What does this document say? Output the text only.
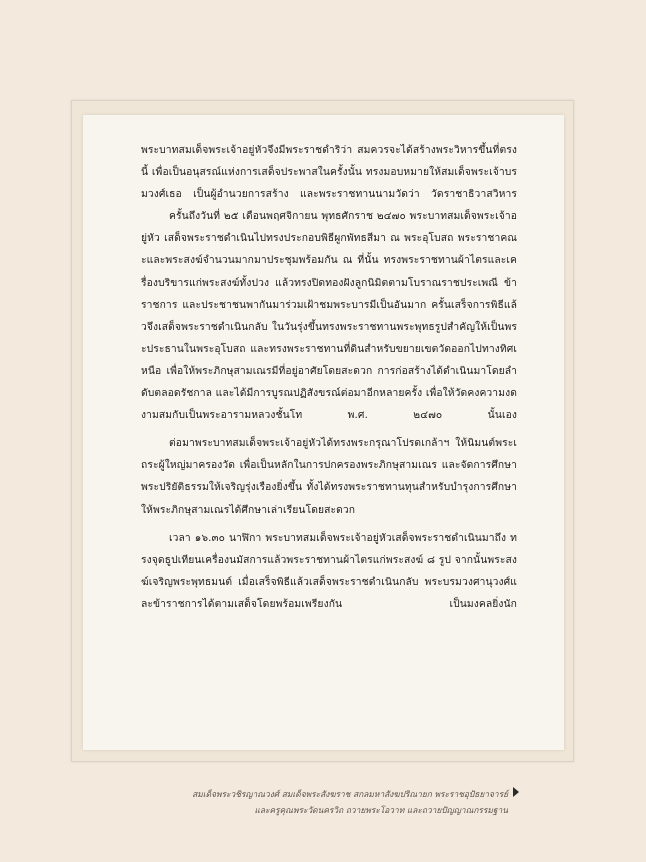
พระบาทสมเด็จพระเจ้าอยู่หัวจึงมีพระราชดำริว่า สมควรจะได้สร้างพระวิหารขึ้นที่ตรงนี้ เพื่อเป็นอนุสรณ์แห่งการเสด็จประพาสในครั้งนั้น ทรงมอบหมายให้สมเด็จพระเจ้าบรมวงศ์เธอ เป็นผู้อำนวยการสร้าง และพระราชทานนามวัดว่า วัดราชาธิวาสวิหาร

ครั้นถึงวันที่ ๒๕ เดือนพฤศจิกายน พุทธศักราช ๒๔๗๐ พระบาทสมเด็จพระเจ้าอยู่หัว เสด็จพระราชดำเนินไปทรงประกอบพิธีผูกพัทธสีมา ณ พระอุโบสถ พระราชาคณะและพระสงฆ์จำนวนมากมาประชุมพร้อมกัน ณ ที่นั้น ทรงพระราชทานผ้าไตรและเครื่องบริขารแก่พระสงฆ์ทั้งปวง แล้วทรงปิดทองฝังลูกนิมิตตามโบราณราชประเพณี ข้าราชการ และประชาชนพากันมาร่วมเฝ้าชมพระบารมีเป็นอันมาก ครั้นเสร็จการพิธีแล้วจึงเสด็จพระราชดำเนินกลับ ในวันรุ่งขึ้นทรงพระราชทานพระพุทธรูปสำคัญให้เป็นพระประธานในพระอุโบสถ และทรงพระราชทานที่ดินสำหรับขยายเขตวัดออกไปทางทิศเหนือ เพื่อให้พระภิกษุสามเณรมีที่อยู่อาศัยโดยสะดวก การก่อสร้างได้ดำเนินมาโดยลำดับตลอดรัชกาล และได้มีการบูรณปฏิสังขรณ์ต่อมาอีกหลายครั้ง เพื่อให้วัดคงความงดงามสมกับเป็นพระอารามหลวงชั้นโท พ.ศ. ๒๔๗๐ นั้นเอง

ต่อมาพระบาทสมเด็จพระเจ้าอยู่หัวได้ทรงพระกรุณาโปรดเกล้าฯ ให้นิมนต์พระเถระผู้ใหญ่มาครองวัด เพื่อเป็นหลักในการปกครองพระภิกษุสามเณร และจัดการศึกษาพระปริยัติธรรมให้เจริญรุ่งเรืองยิ่งขึ้น ทั้งได้ทรงพระราชทานทุนสำหรับบำรุงการศึกษา ให้พระภิกษุสามเณรได้ศึกษาเล่าเรียนโดยสะดวก

เวลา ๑๖.๓๐ นาฬิกา พระบาทสมเด็จพระเจ้าอยู่หัวเสด็จพระราชดำเนินมาถึง ทรงจุดธูปเทียนเครื่องนมัสการแล้วพระราชทานผ้าไตรแก่พระสงฆ์ ๘ รูป จากนั้นพระสงฆ์เจริญพระพุทธมนต์ เมื่อเสร็จพิธีแล้วเสด็จพระราชดำเนินกลับ พระบรมวงศานุวงศ์และข้าราชการได้ตามเสด็จโดยพร้อมเพรียงกัน เป็นมงคลยิ่งนัก

สมเด็จพระวชิรญาณวงศ์ สมเด็จพระสังฆราช สกลมหาสังฆปริณายก พระราชอุปัธยาจารย์
และครูคุณพระวัดนครวิถ ถวายพระโอวาท และถวายปัญญาณกรรมฐาน
